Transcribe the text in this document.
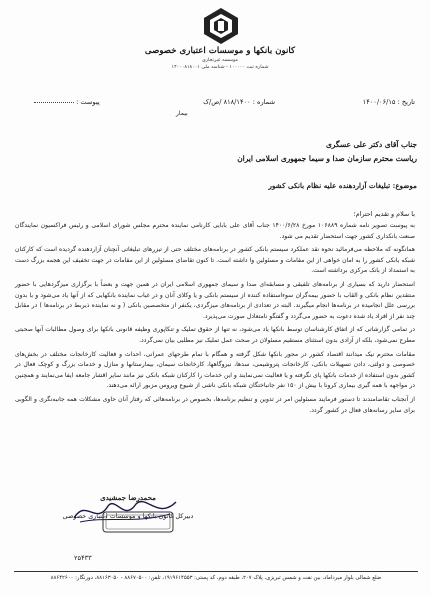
کانون بانکها و موسسات اعتباری خصوصی
موسسه غیرتجاری
شماره ثبت ۱۰۰۰۰۰ - شناسه ملی ۱۴۰۰۰۸۱۸۰۰۱
تاریخ : ۱۴۰۰/۰۶/۱۵
شماره : ۸۱۸/۱۴۰۰ /ص/ک
پیوست :
بیمار
جناب آقای دکتر علی عسگری
ریاست محترم سازمان صدا و سیما جمهوری اسلامی ایران
موضوع: تبلیغات آزاردهنده علیه نظام بانکی کشور
با سلام و تقدیم احترام؛

به پیوست تصویر نامه شماره ۱۰۶۸۸۹ مورخ ۱۴۰۰/۶/۲۸ جناب آقای علی بابایی کارنامی نماینده محترم مجلس شورای اسلامی و رئیس فراکسیون نمایندگان صنعت بانکداری کشور جهت استحضار تقدیم می شود.

همانگونه که ملاحظه می‌فرمائید نحوه نقد عملکرد سیستم بانکی کشور در برنامه‌های مختلف حتی از تیزرهای تبلیغاتی آنچنان آزاردهنده گردیده است که کارکنان شبکه بانکی کشور را به امان خواهی از این مقامات و مسئولین وا داشته است. تا کنون تقاضای مسئولین از این مقامات در جهت تخفیف این هجمه بزرگ دست به استمداد از بانک مرکزی برداشته است.

استحضار دارید که بسیاری از برنامه‌های تلفیقی و مسابقه‌ای صدا و سیمای جمهوری اسلامی ایران در همین جهت و بعضاً با برگزاری میزگردهایی با حضور منتقدین نظام بانکی و القاب با حضور بیمه‌گران سوءاستفاده کننده از سیستم بانکی و یا وکلای آنان و در غیاب نماینده بانکهایی که از آنها یاد می‌شود و یا بدون بررسی علل انجامیده در برنامه‌ها انجام میگیرند. البته در تعدادی از برنامه‌های میزگردی، یکنفر از متخصصین بانکی ( و نه نماینده ذیربط در برنامه‌ها ) در مقابل چند نفر از افراد یاد شده دعوت به حضور می‌گردد و گفتگو نامتعادل صورت می‌پذیرد.

در تمامی گزارشاتی که از اتفاق کارشناسان توسط بانکها یاد می‌شود، نه تنها از حقوق تملیک و تنکاپوری وظیفه قانونی بانکها برای وصول مطالبات آنها صحبتی مطرح نمی‌شود، بلکه از آزادی بدون استثنای مستقیم مسئولان در صحت عمل تملیک نیز مطلبی بیان نمی‌گردد.

مقامات محترم نیک میدانند اقتصاد کشور در محور بانکها شکل گرفته و همگام با تمام طرحهای عمرانی، احداث و فعالیت کارخانجات مختلف در بخش‌های خصوصی و دولتی، دادن تسهیلات بانکی، کارخانجات پتروشیمی، سدها، نیروگاهها، کارخانجات سیمان، بیمارستانها و منازل و خدمات بزرگ و کوچک فعال در کشور بدون استفاده از خدمات بانکها پای نگرفته و یا فعالیت نمی‌نمایند و این خدمات را کارکنان شبکه بانکی نیز مانند سایر اقشار جامعه ایفا می‌نمایند و همچنین در مواجهه با همه گیری بیماری کرونا با بیش از ۱۵۰ نفر جانباختگان شبکه بانکی ناشی از شیوع ویروس مزبور ارائه می‌دهند.

از آنجناب تقاضامندند تا دستور فرمایند مسئولین امر در تدوین و تنظیم برنامه‌ها، بخصوص در برنامه‌هائی که رفتار آنان حاوی مشکلات همه جانبه‌نگری و الگوبی برای سایر رسانه‌های فعال در کشور گردد.

محمدرضا جمشیدی
دبیرکل کانون بانکها و موسسات اعتباری خصوصی
۲۵۴۳۳
ضلع شمالی بلوار میرداماد، بین نفت و شمس تبریزی، پلاک ۲۰۷، طبقه دوم، کد پستی: ۱۹۱۹۶۱۴۵۵۳، تلفن: ۸۸۶۷۰۵۰۰ - ۸۸۱۶۳۰۵۰، دورنگار: ۸۸۶۴۲۶۰۰
